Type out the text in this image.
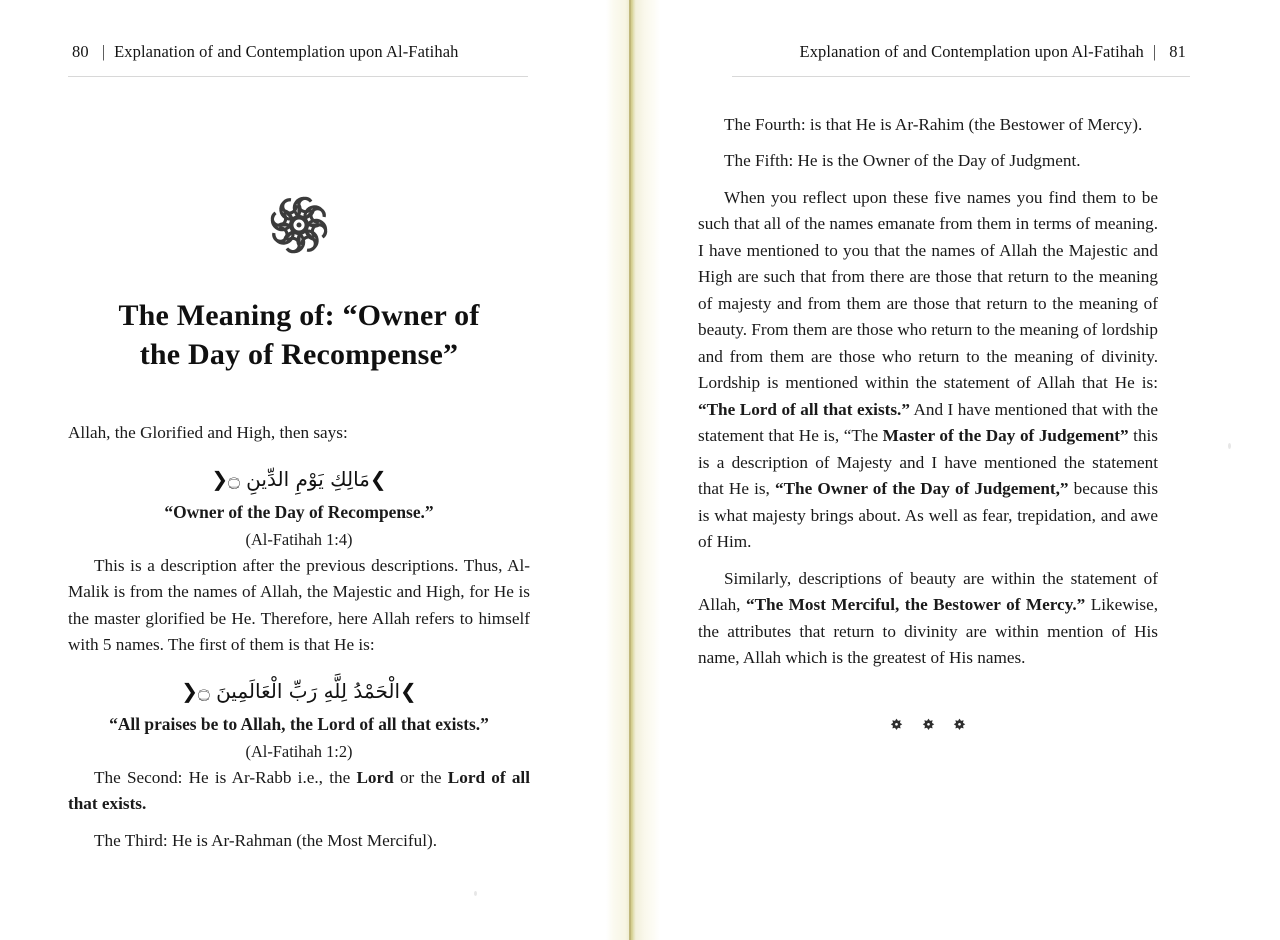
80 | Explanation of and Contemplation upon Al-Fatihah
The Meaning of: “Owner of
the Day of Recompense”

Allah, the Glorified and High, then says:

❯مَالِكِ يَوْمِ الدِّينِ ۝❮

“Owner of the Day of Recompense.”

(Al-Fatihah 1:4)

This is a description after the previous descriptions. Thus, Al-Malik is from the names of Allah, the Majestic and High, for He is the master glorified be He. Therefore, here Allah refers to himself with 5 names. The first of them is that He is:

❯الْحَمْدُ لِلَّهِ رَبِّ الْعَالَمِينَ ۝❮

“All praises be to Allah, the Lord of all that exists.”

(Al-Fatihah 1:2)

The Second: He is Ar-Rabb i.e., the Lord or the Lord of all that exists.

The Third: He is Ar-Rahman (the Most Merciful).

Explanation of and Contemplation upon Al-Fatihah | 81

The Fourth: is that He is Ar-Rahim (the Bestower of Mercy).

The Fifth: He is the Owner of the Day of Judgment.

When you reflect upon these five names you find them to be such that all of the names emanate from them in terms of meaning. I have mentioned to you that the names of Allah the Majestic and High are such that from there are those that return to the meaning of majesty and from them are those that return to the meaning of beauty. From them are those who return to the meaning of lordship and from them are those who return to the meaning of divinity. Lordship is mentioned within the statement of Allah that He is: “The Lord of all that exists.” And I have mentioned that with the statement that He is, “The Master of the Day of Judgement” this is a description of Majesty and I have mentioned the statement that He is, “The Owner of the Day of Judgement,” because this is what majesty brings about. As well as fear, trepidation, and awe of Him.

Similarly, descriptions of beauty are within the statement of Allah, “The Most Merciful, the Bestower of Mercy.” Likewise, the attributes that return to divinity are within mention of His name, Allah which is the greatest of His names.
